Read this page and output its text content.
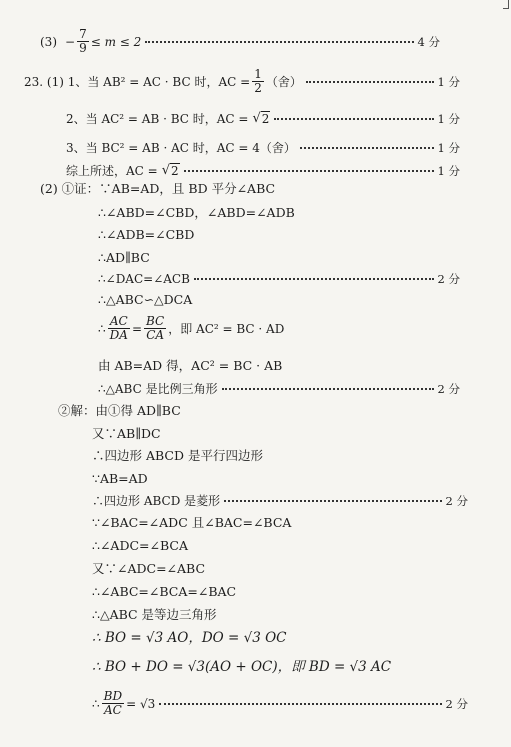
$(3) - \frac{7}{9} \le m \le 2$	4 分
23. (1) 1、当 AB² = AC · BC 时，AC = $\frac{1}{2}$ （舍）	1 分
2、当 AC² = AB · BC 时，AC = √ 2	1 分
3、当 BC² = AB · AC 时，AC = 4（舍）	1 分
综上所述，AC = √ 2	1 分
(2) ①证：∵AB=AD，且 BD 平分∠ABC
∴∠ABD=∠CBD，∠ABD=∠ADB
∴∠ADB=∠CBD
∴AD∥BC
∴∠DAC=∠ACB	2 分
∴△ABC∽△DCA
∴ $\frac{AC}{DA} = \frac{BC}{CA}$ ，即 AC² = BC · AD
由 AB=AD 得，AC² = BC · AB
∴△ABC 是比例三角形	2 分
②解：由①得 AD∥BC
又∵AB∥DC
∴四边形 ABCD 是平行四边形
∵AB=AD
∴四边形 ABCD 是菱形	2 分
∵∠BAC=∠ADC 且∠BAC=∠BCA
∴∠ADC=∠BCA
又∵∠ADC=∠ABC
∴∠ABC=∠BCA=∠BAC
∴△ABC 是等边三角形
∴ BO = √3 AO，DO = √3 OC
∴ BO + DO = √3(AO + OC)，即 BD = √3 AC
∴ $\frac{BD}{AC} = √3$	2 分
